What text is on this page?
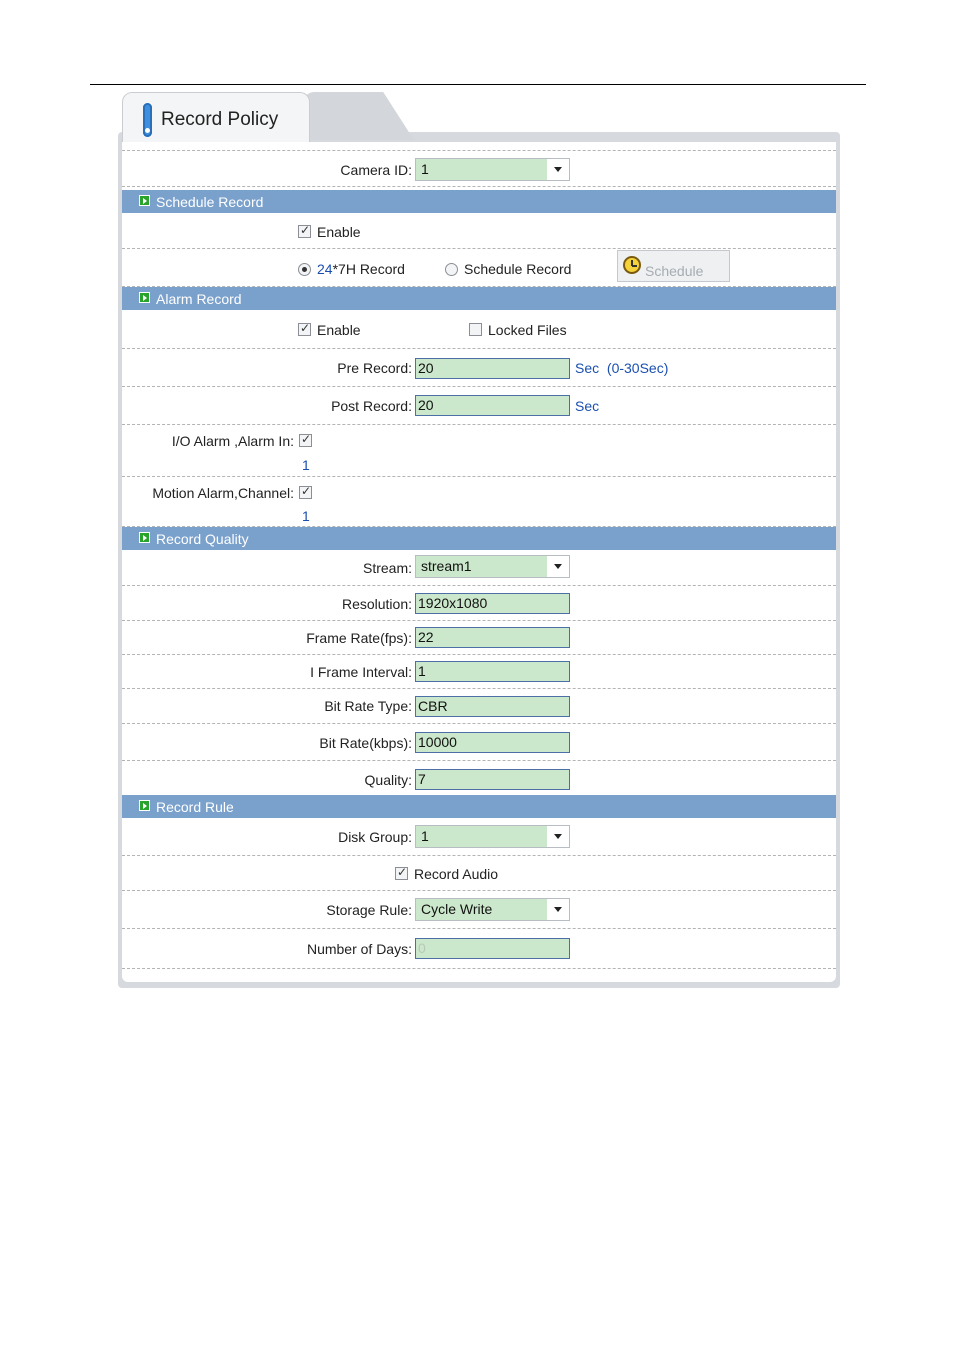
Record Policy
Camera ID: 1
Schedule Record
✓
Enable
24*7H Record	Schedule Record	Schedule
Alarm Record
✓
Enable	Locked Files
Pre Record: 20	Sec (0-30Sec)
Post Record: 20	Sec
I/O Alarm ,Alarm In:
✓
1
Motion Alarm,Channel:
✓
1
Record Quality
Stream: stream1
Resolution: 1920x1080
Frame Rate(fps): 22
I Frame Interval: 1
Bit Rate Type: CBR
Bit Rate(kbps): 10000
Quality: 7
Record Rule
Disk Group: 1
✓
Record Audio
Storage Rule: Cycle Write
Number of Days: 0
